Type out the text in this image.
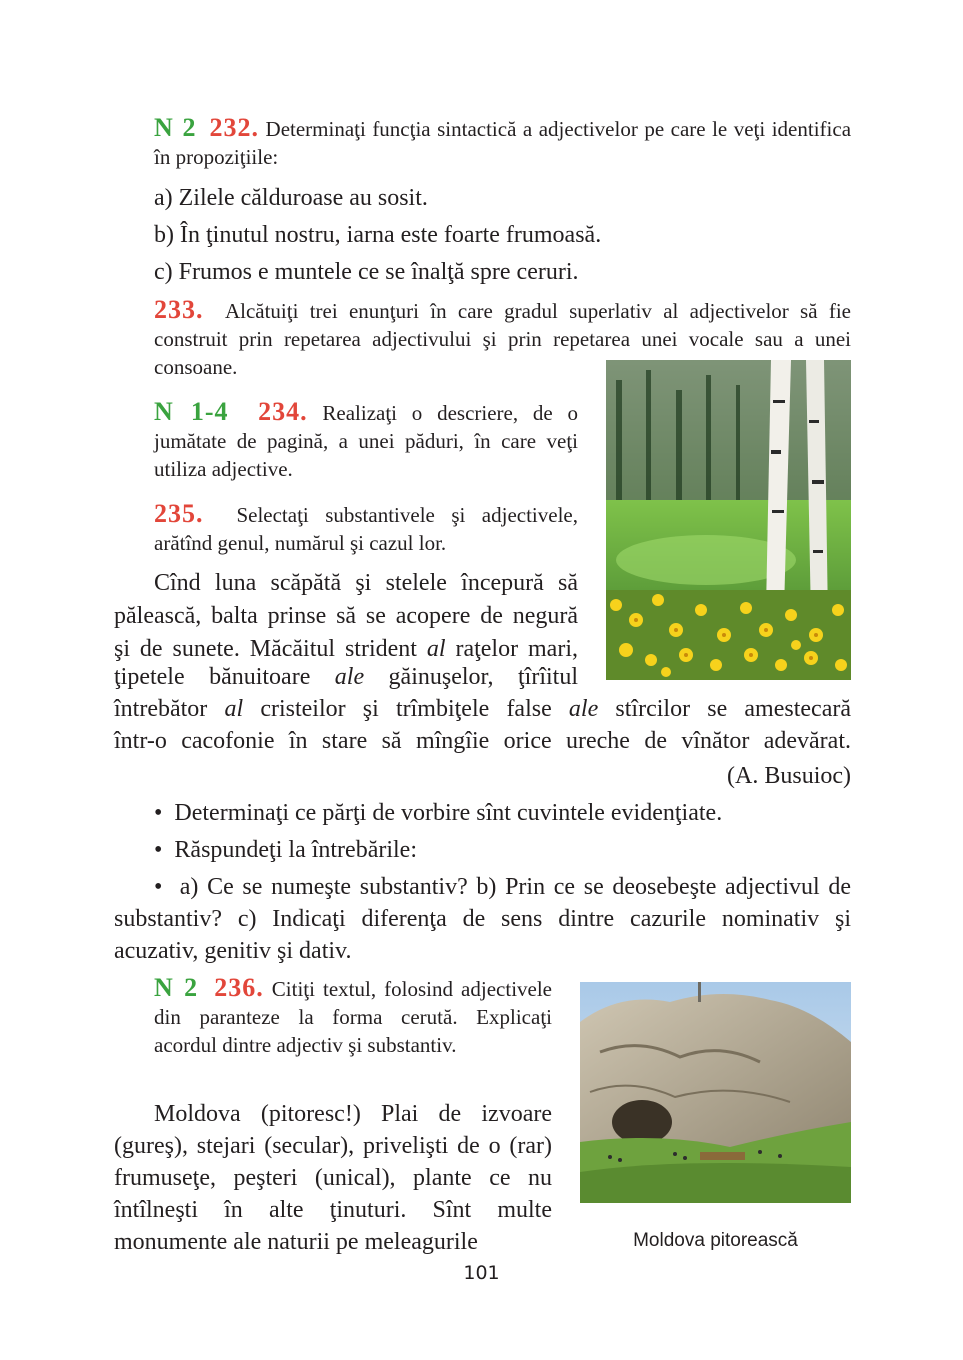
N 2 232. Determinaţi funcţia sintactică a adjectivelor pe care le veţi identifica în propoziţiile:
a) Zilele călduroase au sosit.
b) În ţinutul nostru, iarna este foarte frumoasă.
c) Frumos e muntele ce se înalţă spre ceruri.
233. Alcătuiţi trei enunţuri în care gradul superlativ al adjectivelor să fie construit prin repetarea adjectivului şi prin repetarea unei vocale sau a unei consoane.
N 1-4 234. Realizaţi o descriere, de o jumătate de pagină, a unei păduri, în care veţi utiliza adjective.
235. Selectaţi substantivele şi adjectivele, arătînd genul, numărul şi cazul lor.
Cînd luna scăpătă şi stelele începură să
pălească, balta prinse să se acopere de negură
şi de sunete. Măcăitul strident al raţelor mari,
ţipetele bănuitoare ale găinuşelor, ţîrîitul
întrebător al cristeilor şi trîmbiţele false ale stîrcilor se amestecară
într-o cacofonie în stare să mîngîie orice ureche de vînător adevărat.
(A. Busuioc)
• Determinaţi ce părţi de vorbire sînt cuvintele evidenţiate.
• Răspundeţi la întrebările:
• a) Ce se numeşte substantiv? b) Prin ce se deosebeşte adjectivul de substantiv? c) Indicaţi diferenţa de sens dintre cazurile nominativ şi acuzativ, genitiv şi dativ.
N 2 236. Citiţi textul, folosind adjectivele din paranteze la forma cerută. Explicaţi acordul dintre adjectiv şi substantiv.
Moldova (pitoresc!) Plai de izvoare (gureş), stejari (secular), privelişti de o (rar) frumuseţe, peşteri (unical), plante ce nu întîlneşti în alte ţinuturi. Sînt multe monumente ale naturii pe meleagurile	Moldova pitorească
101
